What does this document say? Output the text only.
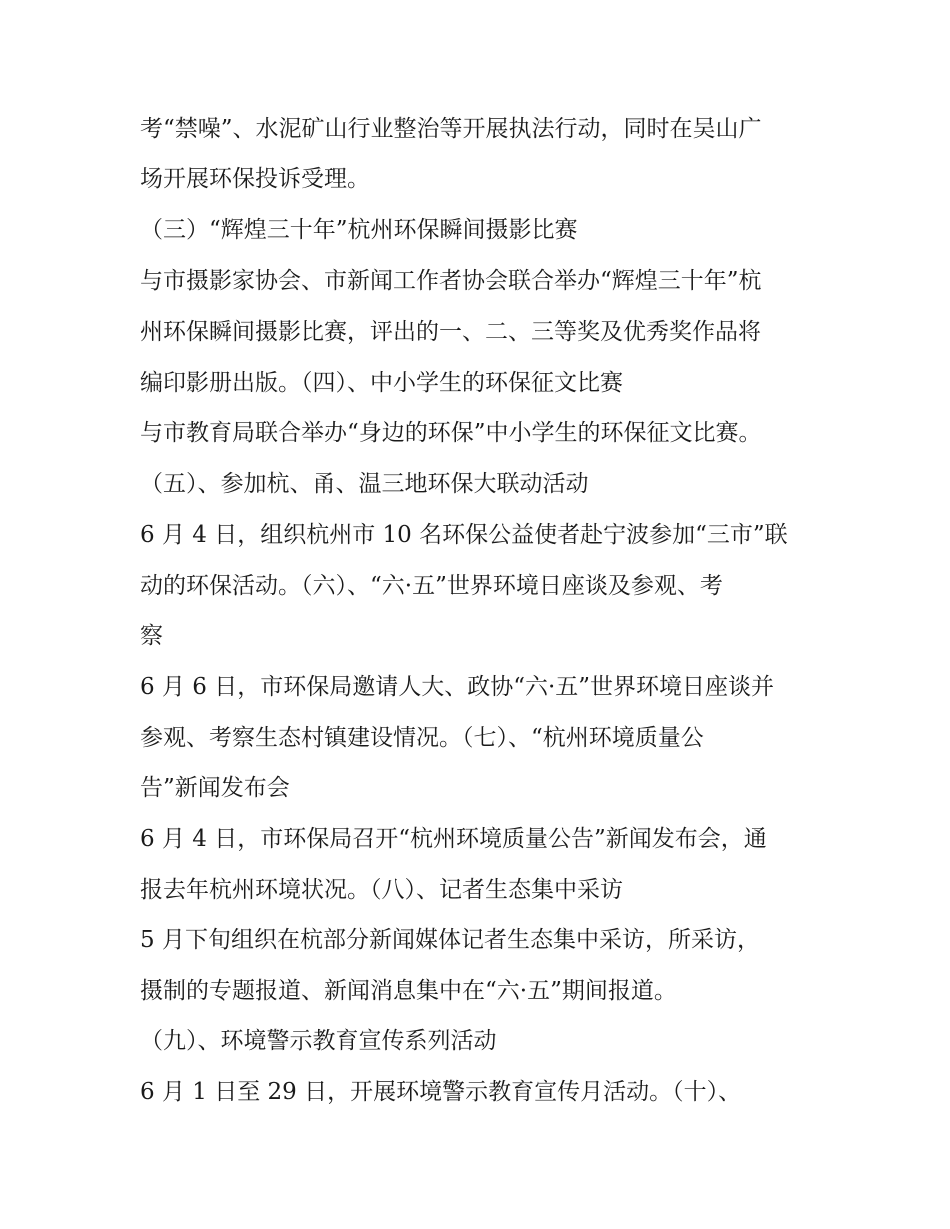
考“禁噪”、水泥矿山行业整治等开展执法行动，同时在吴山广
场开展环保投诉受理。
（三）“辉煌三十年”杭州环保瞬间摄影比赛
与市摄影家协会、市新闻工作者协会联合举办“辉煌三十年”杭
州环保瞬间摄影比赛，评出的一、二、三等奖及优秀奖作品将
编印影册出版。（四）、中小学生的环保征文比赛
与市教育局联合举办“身边的环保”中小学生的环保征文比赛。
（五）、参加杭、甬、温三地环保大联动活动
6 月 4 日，组织杭州市 10 名环保公益使者赴宁波参加“三市”联
动的环保活动。（六）、“六·五”世界环境日座谈及参观、考
察
6 月 6 日，市环保局邀请人大、政协“六·五”世界环境日座谈并
参观、考察生态村镇建设情况。（七）、“杭州环境质量公
告”新闻发布会
6 月 4 日，市环保局召开“杭州环境质量公告”新闻发布会，通
报去年杭州环境状况。（八）、记者生态集中采访
5 月下旬组织在杭部分新闻媒体记者生态集中采访，所采访，
摄制的专题报道、新闻消息集中在“六·五”期间报道。
（九）、环境警示教育宣传系列活动
6 月 1 日至 29 日，开展环境警示教育宣传月活动。（十）、
